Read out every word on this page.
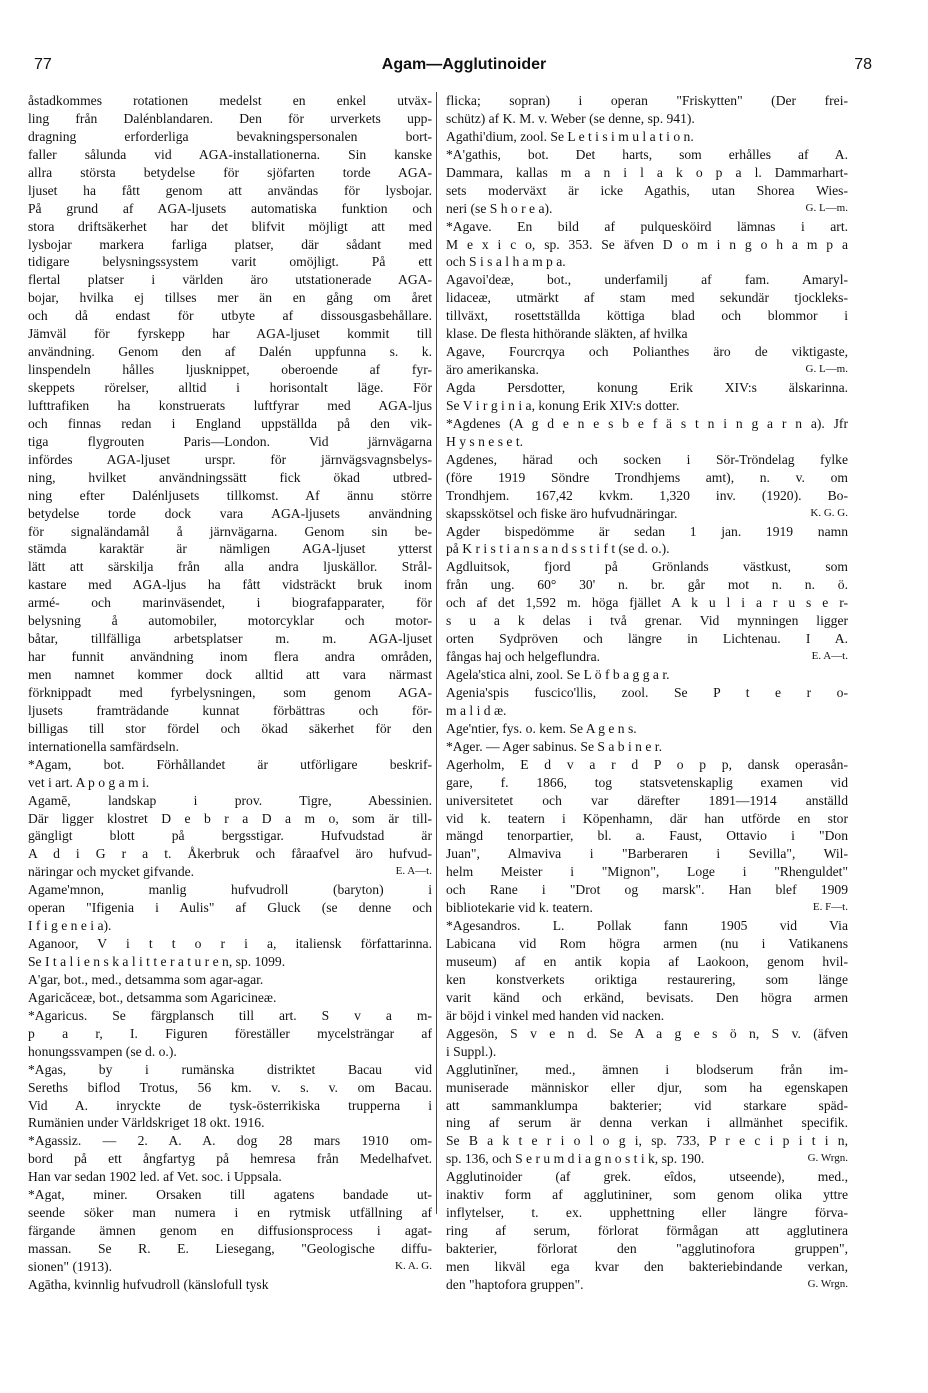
77	Agam—Agglutinoider	78
åstadkommes rotationen medelst en enkel utväx-
ling från Dalénblandaren. Den för urverkets upp-
dragning erforderliga bevakningspersonalen bort-
faller sålunda vid AGA-installationerna. Sin kanske
allra största betydelse för sjöfarten torde AGA-
ljuset ha fått genom att användas för lysbojar.
På grund af AGA-ljusets automatiska funktion och
stora driftsäkerhet har det blifvit möjligt att med
lysbojar markera farliga platser, där sådant med
tidigare belysningssystem varit omöjligt. På ett
flertal platser i världen äro utstationerade AGA-
bojar, hvilka ej tillses mer än en gång om året
och då endast för utbyte af dissousgasbehållare.
Jämväl för fyrskepp har AGA-ljuset kommit till
användning. Genom den af Dalén uppfunna s. k.
linspendeln hålles ljusknippet, oberoende af fyr-
skeppets rörelser, alltid i horisontalt läge. För
lufttrafiken ha konstruerats luftfyrar med AGA-ljus
och finnas redan i England uppställda på den vik-
tiga flygrouten Paris—London. Vid järnvägarna
infördes AGA-ljuset urspr. för järnvägsvagnsbelys-
ning, hvilket användningssätt fick ökad utbred-
ning efter Dalénljusets tillkomst. Af ännu större
betydelse torde dock vara AGA-ljusets användning
för signaländamål å järnvägarna. Genom sin be-
stämda karaktär är nämligen AGA-ljuset ytterst
lätt att särskilja från alla andra ljuskällor. Strål-
kastare med AGA-ljus ha fått vidsträckt bruk inom
armé- och marinväsendet, i biografapparater, för
belysning å automobiler, motorcyklar och motor-
båtar, tillfälliga arbetsplatser m. m. AGA-ljuset
har funnit användning inom flera andra områden,
men namnet kommer dock alltid att vara närmast
förknippadt med fyrbelysningen, som genom AGA-
ljusets framträdande kunnat förbättras och för-
billigas till stor fördel och ökad säkerhet för den
internationella samfärdseln.
*Agam, bot. Förhållandet är utförligare beskrif-
vet i art. A p o g a m i.
Agamē, landskap i prov. Tigre, Abessinien.
Där ligger klostret D e b r a D a m o, som är till-
gängligt blott på bergsstigar. Hufvudstad är
A d i G r a t. Åkerbruk och fåraafvel äro hufvud-
näringar och mycket gifvande.	E. A—t.
Agame'mnon, manlig hufvudroll (baryton) i
operan "Ifigenia i Aulis" af Gluck (se denne och
I f i g e n e i a).
Aganoor, V i t t o r i a, italiensk författarinna.
Se I t a l i e n s k a l i t t e r a t u r e n, sp. 1099.
A'gar, bot., med., detsamma som agar-agar.
Agaricăceæ, bot., detsamma som Agaricineæ.
*Agaricus. Se färgplansch till art. S v a m-
p a r, I. Figuren föreställer mycelsträngar af
honungssvampen (se d. o.).
*Agas, by i rumänska distriktet Bacau vid
Sereths biflod Trotus, 56 km. v. s. v. om Bacau.
Vid A. inryckte de tysk-österrikiska trupperna i
Rumänien under Världskriget 18 okt. 1916.
*Agassiz. — 2. A. A. dog 28 mars 1910 om-
bord på ett ångfartyg på hemresa från Medelhafvet.
Han var sedan 1902 led. af Vet. soc. i Uppsala.
*Agat, miner. Orsaken till agatens bandade ut-
seende söker man numera i en rytmisk utfällning af
färgande ämnen genom en diffusionsprocess i agat-
massan. Se R. E. Liesegang, "Geologische diffu-
sionen" (1913).	K. A. G.
Agātha, kvinnlig hufvudroll (känslofull tysk
flicka; sopran) i operan "Friskytten" (Der frei-
schütz) af K. M. v. Weber (se denne, sp. 941).
Agathi'dium, zool. Se L e t i s i m u l a t i o n.
*A'gathis, bot. Det harts, som erhålles af A.
Dammara, kallas m a n i l a k o p a l. Dammarhart-
sets moderväxt är icke Agathis, utan Shorea Wies-
neri (se S h o r e a).	G. L—m.
*Agave. En bild af pulquesköird lämnas i art.
M e x i c o, sp. 353. Se äfven D o m i n g o h a m p a
och S i s a l h a m p a.
Agavoi'deæ, bot., underfamilj af fam. Amaryl-
lidaceæ, utmärkt af stam med sekundär tjockleks-
tillväxt, rosettställda köttiga blad och blommor i
klase. De flesta hithörande släkten, af hvilka
Agave, Fourcrqya och Polianthes äro de viktigaste,
äro amerikanska.	G. L—m.
Agda Persdotter, konung Erik XIV:s älskarinna.
Se V i r g i n i a, konung Erik XIV:s dotter.
*Agdenes (A g d e n e s b e f ä s t n i n g a r n a). Jfr
H y s n e s e t.
Agdenes, härad och socken i Sör-Tröndelag fylke
(före 1919 Söndre Trondhjems amt), n. v. om
Trondhjem. 167,42 kvkm. 1,320 inv. (1920). Bo-
skapsskötsel och fiske äro hufvudnäringar.	K. G. G.
Agder bispedömme är sedan 1 jan. 1919 namn
på K r i s t i a n s a n d s s t i f t (se d. o.).
Agdluitsok, fjord på Grönlands västkust, som
från ung. 60° 30' n. br. går mot n. n. ö.
och af det 1,592 m. höga fjället A k u l i a r u s e r-
s u a k delas i två grenar. Vid mynningen ligger
orten Sydpröven och längre in Lichtenau. I A.
fångas haj och helgeflundra.	E. A—t.
Agela'stica alni, zool. Se L ö f b a g g a r.
Agenia'spis fuscico'llis, zool. Se P t e r o-
m a l i d æ.
Age'ntier, fys. o. kem. Se A g e n s.
*Ager. — Ager sabinus. Se S a b i n e r.
Agerholm, E d v a r d P o p p, dansk operasån-
gare, f. 1866, tog statsvetenskaplig examen vid
universitetet och var därefter 1891—1914 anställd
vid k. teatern i Köpenhamn, där han utförde en stor
mängd tenorpartier, bl. a. Faust, Ottavio i "Don
Juan", Almaviva i "Barberaren i Sevilla", Wil-
helm Meister i "Mignon", Loge i "Rhenguldet"
och Rane i "Drot og marsk". Han blef 1909
bibliotekarie vid k. teatern.	E. F—t.
*Agesandros. L. Pollak fann 1905 vid Via
Labicana vid Rom högra armen (nu i Vatikanens
museum) af en antik kopia af Laokoon, genom hvil-
ken konstverkets oriktiga restaurering, som länge
varit känd och erkänd, bevisats. Den högra armen
är böjd i vinkel med handen vid nacken.
Aggesön, S v e n d. Se A a g e s ö n, S v. (äfven
i Suppl.).
Agglutinĭner, med., ämnen i blodserum från im-
muniserade människor eller djur, som ha egenskapen
att sammanklumpa bakterier; vid starkare späd-
ning af serum är denna verkan i allmänhet specifik.
Se B a k t e r i o l o g i, sp. 733, P r e c i p i t i n,
sp. 136, och S e r u m d i a g n o s t i k, sp. 190.	G. Wrgn.
Agglutinoider (af grek. eîdos, utseende), med.,
inaktiv form af agglutininer, som genom olika yttre
inflytelser, t. ex. upphettning eller längre förva-
ring af serum, förlorat förmågan att agglutinera
bakterier, förlorat den "agglutinofora gruppen",
men likväl ega kvar den bakteriebindande verkan,
den "haptofora gruppen".	G. Wrgn.
